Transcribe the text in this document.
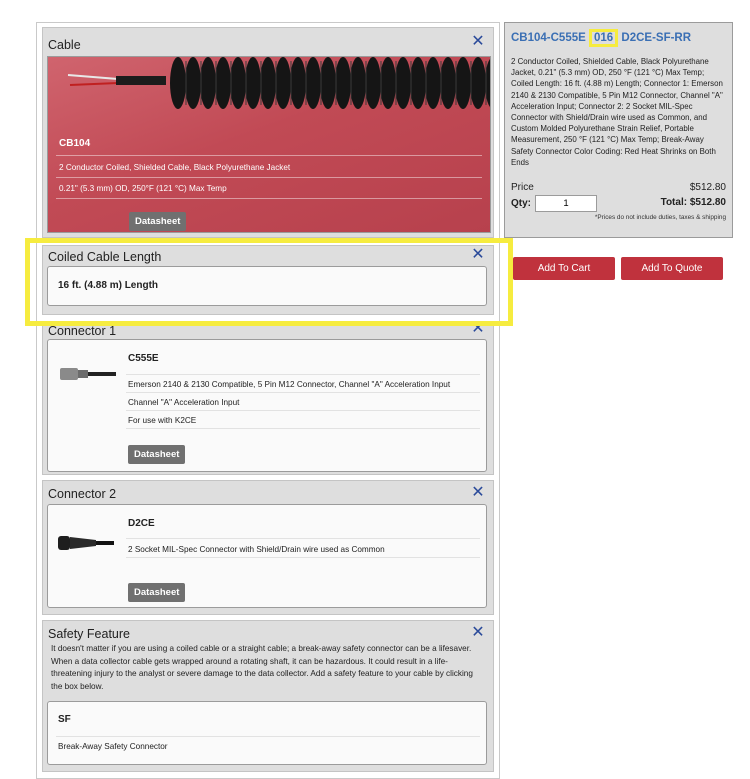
Cable	✕
CB104
2 Conductor Coiled, Shielded Cable, Black Polyurethane Jacket
0.21" (5.3 mm) OD, 250°F (121 °C) Max Temp
Datasheet
Coiled Cable Length	✕
16 ft. (4.88 m) Length
Connector 1	✕
C555E
Emerson 2140 & 2130 Compatible, 5 Pin M12 Connector, Channel "A" Acceleration Input
Channel "A" Acceleration Input
For use with K2CE
Datasheet
Connector 2	✕
D2CE
2 Socket MIL-Spec Connector with Shield/Drain wire used as Common
Datasheet
Safety Feature	✕
It doesn't matter if you are using a coiled cable or a straight cable; a break-away safety connector can be a lifesaver. When a data collector cable gets wrapped around a rotating shaft, it can be hazardous. It could result in a life-threatening injury to the analyst or severe damage to the data collector. Add a safety feature to your cable by clicking the box below.
SF
Break-Away Safety Connector
CB104-C555E 016 D2CE-SF-RR
2 Conductor Coiled, Shielded Cable, Black Polyurethane Jacket, 0.21" (5.3 mm) OD, 250 °F (121 °C) Max Temp; Coiled Length: 16 ft. (4.88 m) Length; Connector 1: Emerson 2140 & 2130 Compatible, 5 Pin M12 Connector, Channel "A" Acceleration Input; Connector 2: 2 Socket MIL-Spec Connector with Shield/Drain wire used as Common, and Custom Molded Polyurethane Strain Relief, Portable Measurement, 250 °F (121 °C) Max Temp; Break-Away Safety Connector Color Coding: Red Heat Shrinks on Both Ends
Price	$512.80
Qty:
1	Total: $512.80
*Prices do not include duties, taxes & shipping
Add To Cart	Add To Quote
